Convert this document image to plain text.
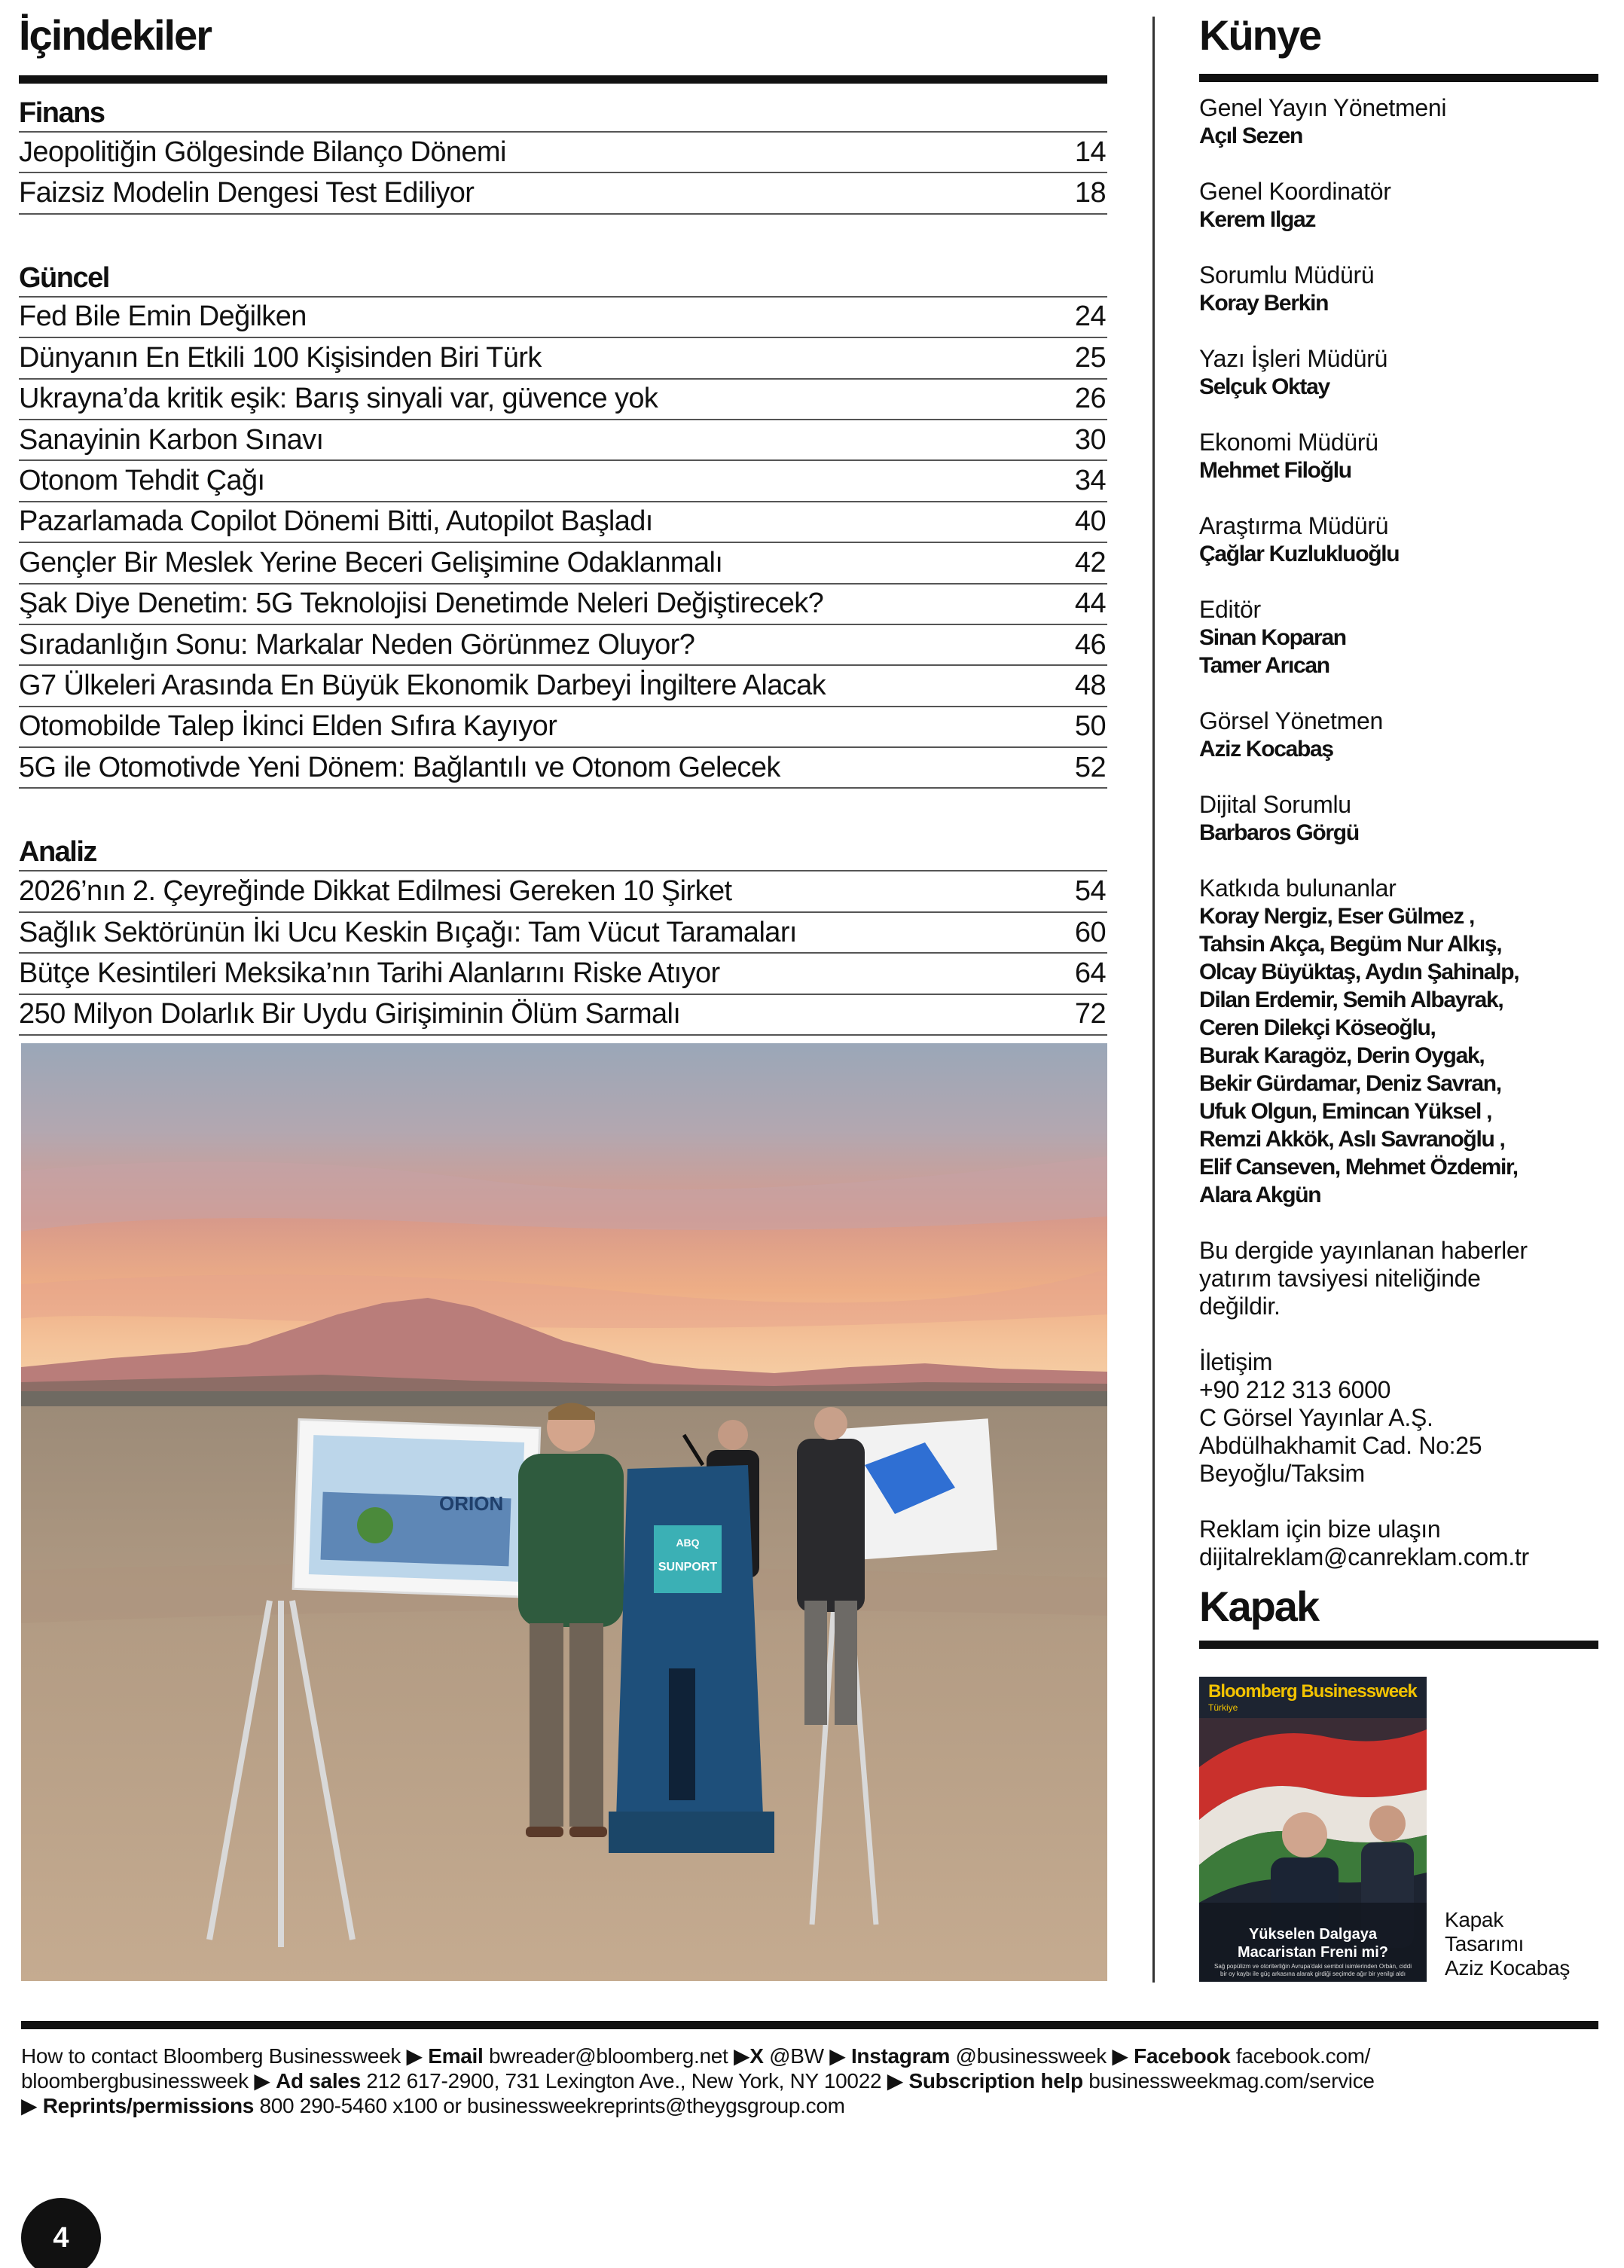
İçindekiler
Finans
Jeopolitiğin Gölgesinde Bilanço Dönemi	14
Faizsiz Modelin Dengesi Test Ediliyor	18
Güncel
Fed Bile Emin Değilken	24
Dünyanın En Etkili 100 Kişisinden Biri Türk	25
Ukrayna’da kritik eşik: Barış sinyali var, güvence yok	26
Sanayinin Karbon Sınavı	30
Otonom Tehdit Çağı	34
Pazarlamada Copilot Dönemi Bitti, Autopilot Başladı	40
Gençler Bir Meslek Yerine Beceri Gelişimine Odaklanmalı	42
Şak Diye Denetim: 5G Teknolojisi Denetimde Neleri Değiştirecek?	44
Sıradanlığın Sonu: Markalar Neden Görünmez Oluyor?	46
G7 Ülkeleri Arasında En Büyük Ekonomik Darbeyi İngiltere Alacak	48
Otomobilde Talep İkinci Elden Sıfıra Kayıyor	50
5G ile Otomotivde Yeni Dönem: Bağlantılı ve Otonom Gelecek	52
Analiz
2026’nın 2. Çeyreğinde Dikkat Edilmesi Gereken 10 Şirket	54
Sağlık Sektörünün İki Ucu Keskin Bıçağı: Tam Vücut Taramaları	60
Bütçe Kesintileri Meksika’nın Tarihi Alanlarını Riske Atıyor	64
250 Milyon Dolarlık Bir Uydu Girişiminin Ölüm Sarmalı	72
ORION
ABQ
SUNPORT
Künye
Genel Yayın Yönetmeni
Açıl Sezen
Genel Koordinatör
Kerem Ilgaz
Sorumlu Müdürü
Koray Berkin
Yazı İşleri Müdürü
Selçuk Oktay
Ekonomi Müdürü
Mehmet Filoğlu
Araştırma Müdürü
Çağlar Kuzlukluoğlu
Editör
Sinan Koparan
Tamer Arıcan
Görsel Yönetmen
Aziz Kocabaş
Dijital Sorumlu
Barbaros Görgü
Katkıda bulunanlar
Koray Nergiz, Eser Gülmez ,
Tahsin Akça, Begüm Nur Alkış,
Olcay Büyüktaş, Aydın Şahinalp,
Dilan Erdemir, Semih Albayrak,
Ceren Dilekçi Köseoğlu,
Burak Karagöz, Derin Oygak,
Bekir Gürdamar, Deniz Savran,
Ufuk Olgun, Emincan Yüksel ,
Remzi Akkök, Aslı Savranoğlu ,
Elif Canseven, Mehmet Özdemir,
Alara Akgün
Bu dergide yayınlanan haberler
yatırım tavsiyesi niteliğinde
değildir.
İletişim
+90 212 313 6000
C Görsel Yayınlar A.Ş.
Abdülhakhamit Cad. No:25
Beyoğlu/Taksim
Reklam için bize ulaşın
dijitalreklam@canreklam.com.tr
Kapak
Bloomberg Businessweek
Türkiye
Yükselen Dalgaya
Macaristan Freni mi?
Sağ popülizm ve otoriterliğin Avrupa'daki sembol isimlerinden Orbán, ciddi bir oy kaybı ile güç arkasına alarak girdiği seçimde ağır bir yenilgi aldı
Kapak
Tasarımı
Aziz Kocabaş
How to contact Bloomberg Businessweek ▶ Email bwreader@bloomberg.net ▶X @BW ▶ Instagram @businessweek ▶ Facebook facebook.com/
bloombergbusinessweek ▶ Ad sales 212 617-2900, 731 Lexington Ave., New York, NY 10022 ▶ Subscription help businessweekmag.com/service
▶ Reprints/permissions 800 290-5460 x100 or businessweekreprints@theygsgroup.com
4
